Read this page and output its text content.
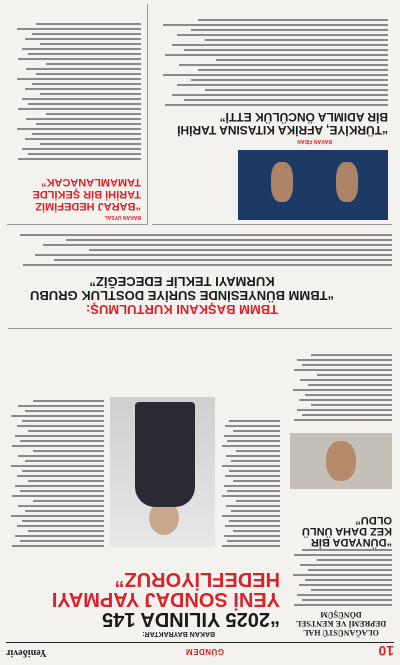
10
GÜNDEM
Yeniδevir
OLAĞANÜSTÜ HAL DEPREMİ VE KENTSEL DÖNÜŞÜM
BAKAN BAYRAKTAR:
“2025 YILINDA 145
YENİ SONDAJ YAPMAYI
HEDEFLİYORUZ”
“DÜNYADA BİR KEZ DAHA ÜNLÜ OLDU”
TBMM BAŞKANI KURTULMUŞ:
“TBMM BÜNYESİNDE SURİYE DOSTLUK GRUBU KURMAYI TEKLİF EDECEĞİZ”
BAKAN FİDAN
“TÜRKİYE, AFRİKA KITASINA TARİHİ BİR ADIMLA ÖNCÜLÜK ETTİ”
BAKAN UYSAL
“BARAJ HEDEFİMİZ TARİHİ BİR ŞEKİLDE TAMAMLANACAK”
